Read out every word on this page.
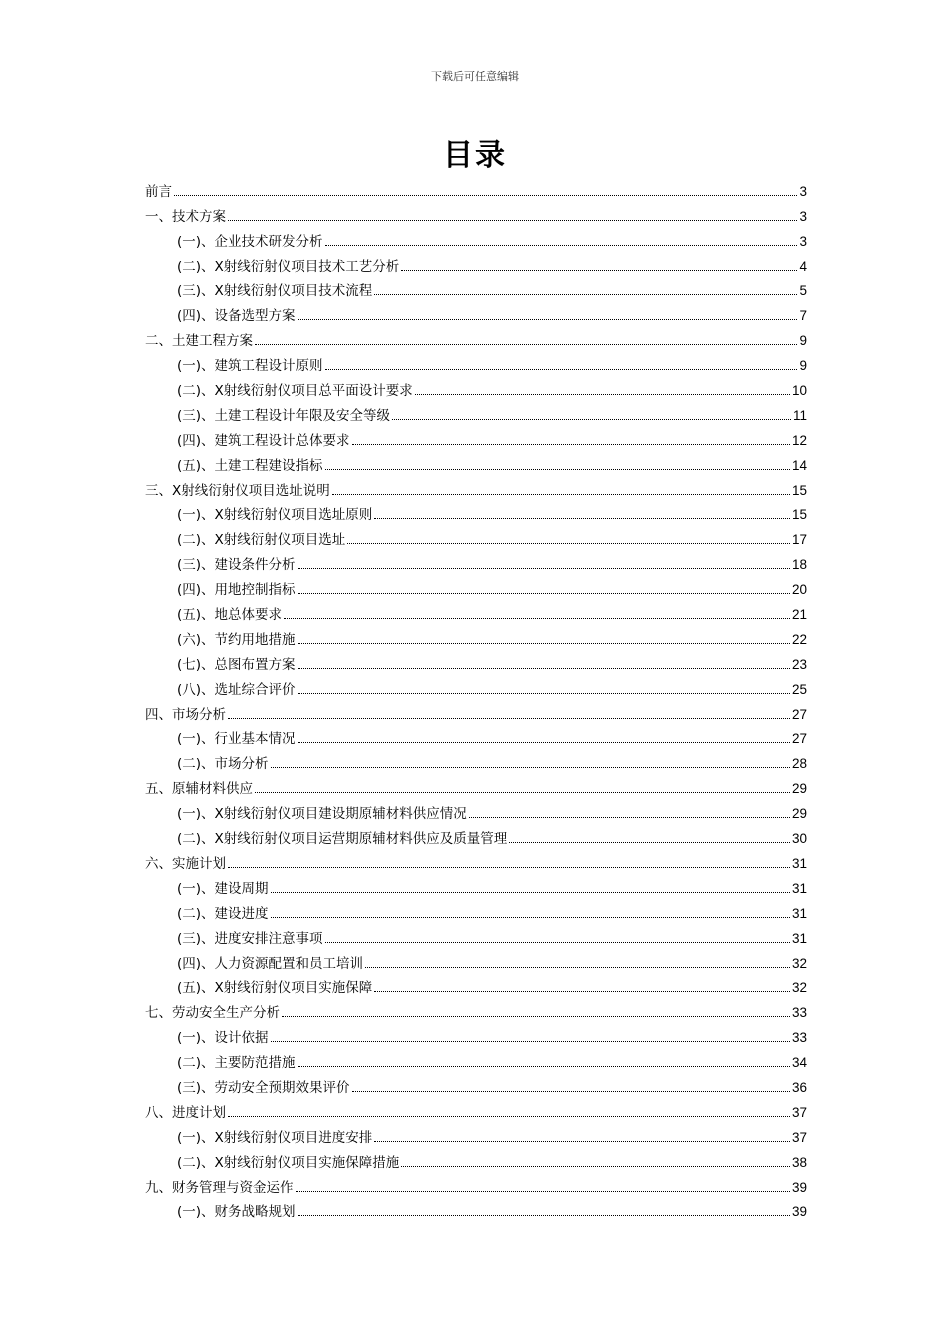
下载后可任意编辑
目录
前言	3
一、技术方案	3
(一)、企业技术研发分析	3
(二)、X射线衍射仪项目技术工艺分析	4
(三)、X射线衍射仪项目技术流程	5
(四)、设备选型方案	7
二、土建工程方案	9
(一)、建筑工程设计原则	9
(二)、X射线衍射仪项目总平面设计要求	10
(三)、土建工程设计年限及安全等级	11
(四)、建筑工程设计总体要求	12
(五)、土建工程建设指标	14
三、X射线衍射仪项目选址说明	15
(一)、X射线衍射仪项目选址原则	15
(二)、X射线衍射仪项目选址	17
(三)、建设条件分析	18
(四)、用地控制指标	20
(五)、地总体要求	21
(六)、节约用地措施	22
(七)、总图布置方案	23
(八)、选址综合评价	25
四、市场分析	27
(一)、行业基本情况	27
(二)、市场分析	28
五、原辅材料供应	29
(一)、X射线衍射仪项目建设期原辅材料供应情况	29
(二)、X射线衍射仪项目运营期原辅材料供应及质量管理	30
六、实施计划	31
(一)、建设周期	31
(二)、建设进度	31
(三)、进度安排注意事项	31
(四)、人力资源配置和员工培训	32
(五)、X射线衍射仪项目实施保障	32
七、劳动安全生产分析	33
(一)、设计依据	33
(二)、主要防范措施	34
(三)、劳动安全预期效果评价	36
八、进度计划	37
(一)、X射线衍射仪项目进度安排	37
(二)、X射线衍射仪项目实施保障措施	38
九、财务管理与资金运作	39
(一)、财务战略规划	39
